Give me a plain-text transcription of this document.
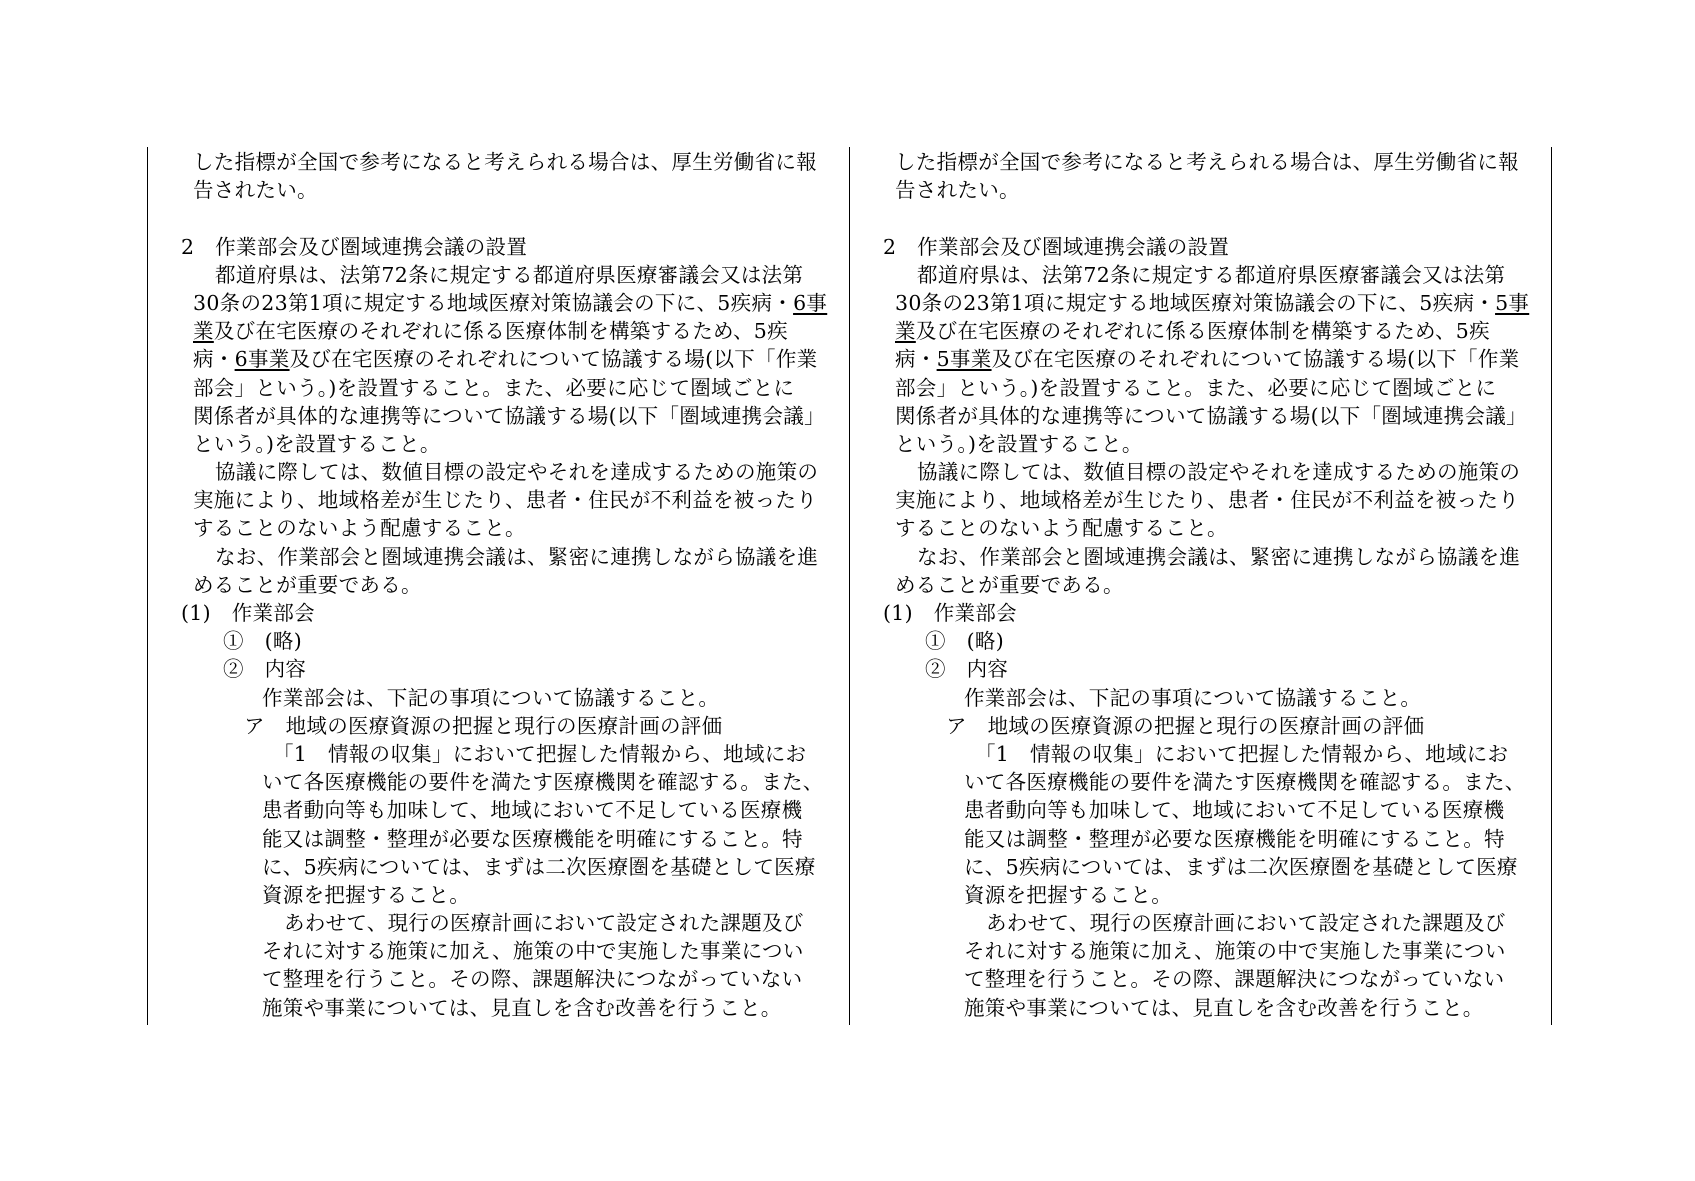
した指標が全国で参考になると考えられる場合は、厚生労働省に報
告されたい。
2　作業部会及び圏域連携会議の設置
都道府県は、法第72条に規定する都道府県医療審議会又は法第
30条の23第1項に規定する地域医療対策協議会の下に、5疾病・6事
業及び在宅医療のそれぞれに係る医療体制を構築するため、5疾
病・6事業及び在宅医療のそれぞれについて協議する場(以下「作業
部会」という。)を設置すること。また、必要に応じて圏域ごとに
関係者が具体的な連携等について協議する場(以下「圏域連携会議」
という。)を設置すること。
協議に際しては、数値目標の設定やそれを達成するための施策の
実施により、地域格差が生じたり、患者・住民が不利益を被ったり
することのないよう配慮すること。
なお、作業部会と圏域連携会議は、緊密に連携しながら協議を進
めることが重要である。
(1)　作業部会
①　(略)
②　内容
作業部会は、下記の事項について協議すること。
ア　地域の医療資源の把握と現行の医療計画の評価
「1　情報の収集」において把握した情報から、地域にお
いて各医療機能の要件を満たす医療機関を確認する。また、
患者動向等も加味して、地域において不足している医療機
能又は調整・整理が必要な医療機能を明確にすること。特
に、5疾病については、まずは二次医療圏を基礎として医療
資源を把握すること。
あわせて、現行の医療計画において設定された課題及び
それに対する施策に加え、施策の中で実施した事業につい
て整理を行うこと。その際、課題解決につながっていない
施策や事業については、見直しを含む改善を行うこと。
した指標が全国で参考になると考えられる場合は、厚生労働省に報
告されたい。
2　作業部会及び圏域連携会議の設置
都道府県は、法第72条に規定する都道府県医療審議会又は法第
30条の23第1項に規定する地域医療対策協議会の下に、5疾病・5事
業及び在宅医療のそれぞれに係る医療体制を構築するため、5疾
病・5事業及び在宅医療のそれぞれについて協議する場(以下「作業
部会」という。)を設置すること。また、必要に応じて圏域ごとに
関係者が具体的な連携等について協議する場(以下「圏域連携会議」
という。)を設置すること。
協議に際しては、数値目標の設定やそれを達成するための施策の
実施により、地域格差が生じたり、患者・住民が不利益を被ったり
することのないよう配慮すること。
なお、作業部会と圏域連携会議は、緊密に連携しながら協議を進
めることが重要である。
(1)　作業部会
①　(略)
②　内容
作業部会は、下記の事項について協議すること。
ア　地域の医療資源の把握と現行の医療計画の評価
「1　情報の収集」において把握した情報から、地域にお
いて各医療機能の要件を満たす医療機関を確認する。また、
患者動向等も加味して、地域において不足している医療機
能又は調整・整理が必要な医療機能を明確にすること。特
に、5疾病については、まずは二次医療圏を基礎として医療
資源を把握すること。
あわせて、現行の医療計画において設定された課題及び
それに対する施策に加え、施策の中で実施した事業につい
て整理を行うこと。その際、課題解決につながっていない
施策や事業については、見直しを含む改善を行うこと。
